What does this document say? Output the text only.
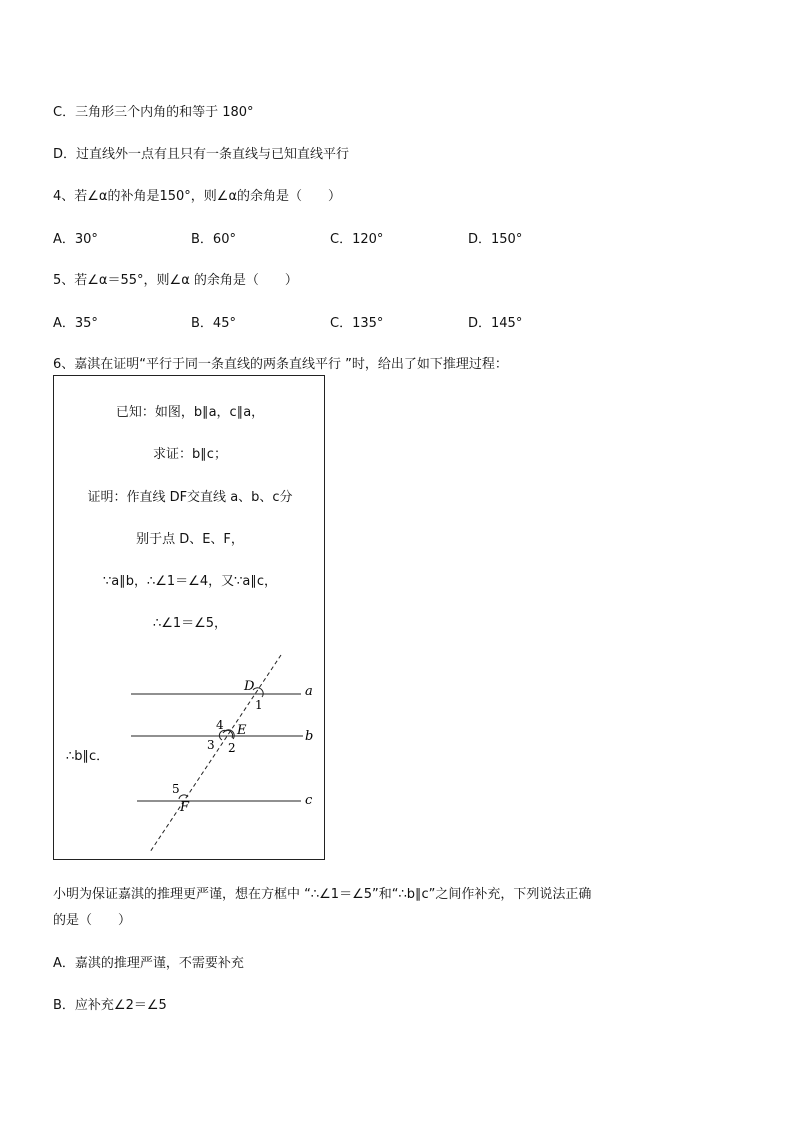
C．三角形三个内角的和等于 180°
D．过直线外一点有且只有一条直线与已知直线平行
4、若∠α的补角是150°，则∠α的余角是（　　）
A．30°	B．60°	C．120°	D．150°
5、若∠α＝55°，则∠α 的余角是（　　）
A．35°	B．45°	C．135°	D．145°
6、嘉淇在证明“平行于同一条直线的两条直线平行 ”时，给出了如下推理过程：
已知：如图，b∥a，c∥a，
求证：b∥c；
证明：作直线 DF交直线 a、b、c分
别于点 D、E、F，
∵a∥b，∴∠1＝∠4，又∵a∥c，
∴∠1＝∠5，
∴b∥c．
a
b
c
D
E
F
1
2
3
4
5
小明为保证嘉淇的推理更严谨，想在方框中 “∴∠1＝∠5”和“∴b∥c”之间作补充，下列说法正确
的是（　　）
A．嘉淇的推理严谨，不需要补充
B．应补充∠2＝∠5
